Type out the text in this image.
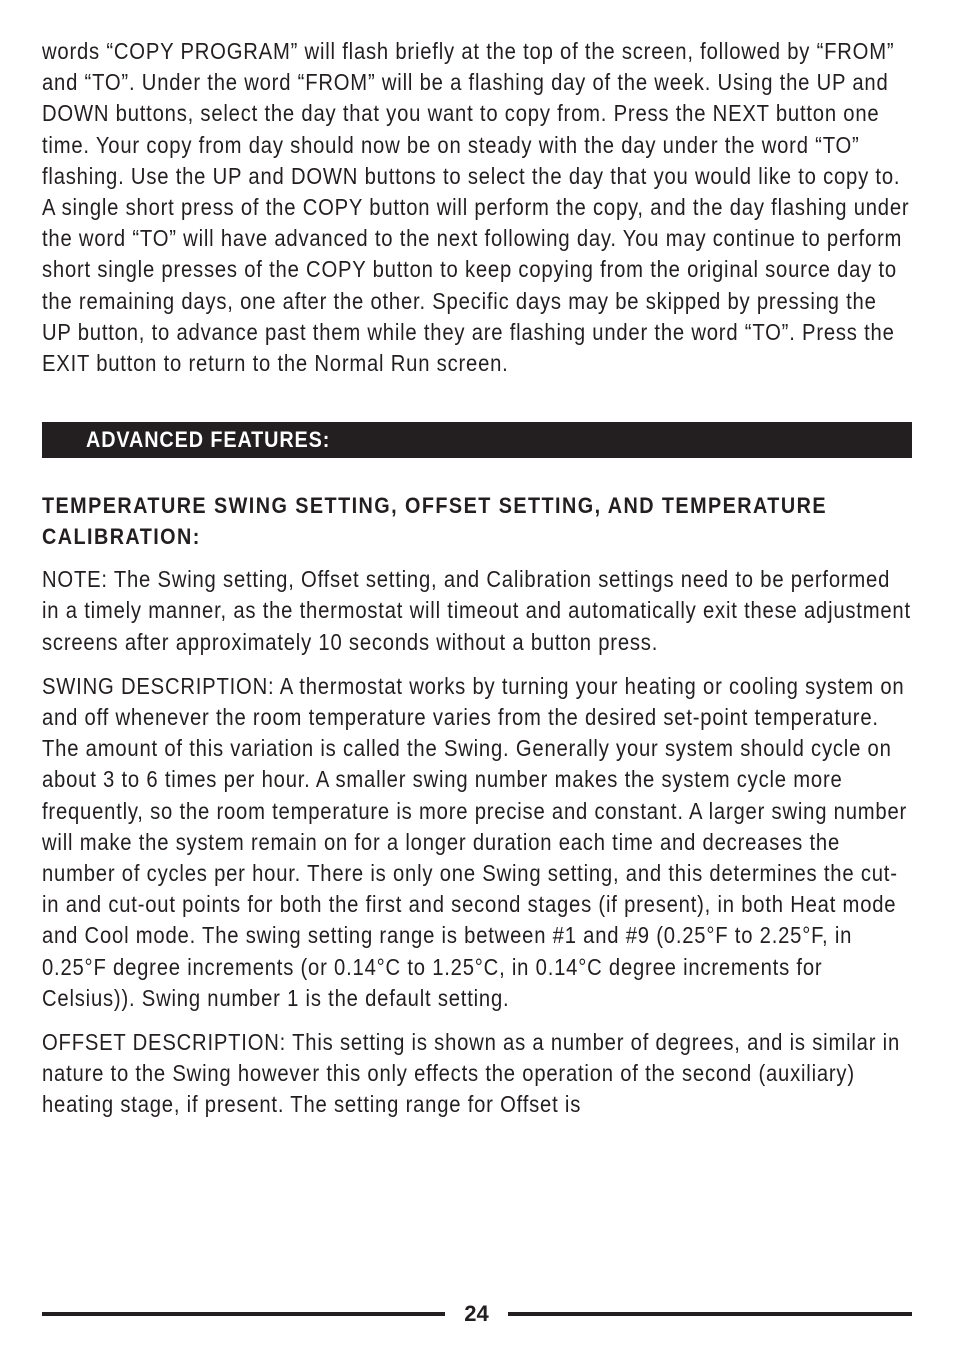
words “COPY PROGRAM” will flash briefly at the top of the screen, followed by “FROM” and “TO”. Under the word “FROM” will be a flashing day of the week. Using the UP and DOWN buttons, select the day that you want to copy from. Press the NEXT button one time. Your copy from day should now be on steady with the day under the word “TO” flashing. Use the UP and DOWN buttons to select the day that you would like to copy to. A single short press of the COPY button will perform the copy, and the day flashing under the word “TO” will have advanced to the next following day. You may continue to perform short single presses of the COPY button to keep copying from the original source day to the remaining days, one after the other. Specific days may be skipped by pressing the UP button, to advance past them while they are flashing under the word “TO”. Press the EXIT button to return to the Normal Run screen.

ADVANCED FEATURES:
TEMPERATURE SWING SETTING, OFFSET SETTING, AND TEMPERATURE CALIBRATION:

NOTE: The Swing setting, Offset setting, and Calibration settings need to be performed in a timely manner, as the thermostat will timeout and automatically exit these adjustment screens after approximately 10 seconds without a button press.

SWING DESCRIPTION: A thermostat works by turning your heating or cooling system on and off whenever the room temperature varies from the desired set-point temperature. The amount of this variation is called the Swing. Generally your system should cycle on about 3 to 6 times per hour. A smaller swing number makes the system cycle more frequently, so the room temperature is more precise and constant. A larger swing number will make the system remain on for a longer duration each time and decreases the number of cycles per hour. There is only one Swing setting, and this determines the cut-in and cut-out points for both the first and second stages (if present), in both Heat mode and Cool mode. The swing setting range is between #1 and #9 (0.25°F to 2.25°F, in 0.25°F degree increments (or 0.14°C to 1.25°C, in 0.14°C degree increments for Celsius)). Swing number 1 is the default setting.

OFFSET DESCRIPTION: This setting is shown as a number of degrees, and is similar in nature to the Swing however this only effects the operation of the second (auxiliary) heating stage, if present. The setting range for Offset is

24
